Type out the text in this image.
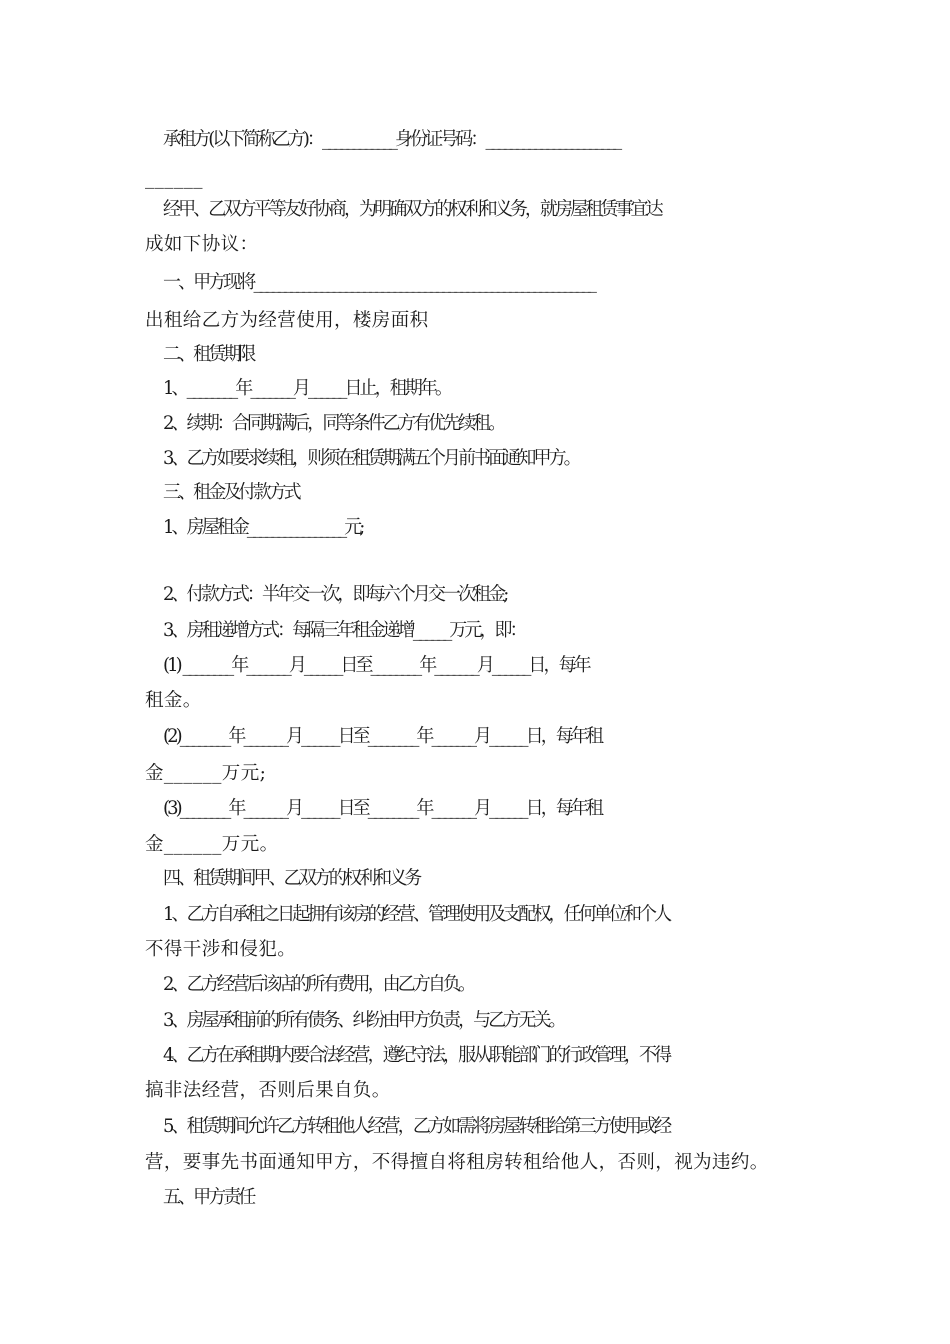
承租方(以下简称乙方)：____________身份证号码：______________________
______
经甲、乙双方平等友好协商，为明确双方的权利和义务，就房屋租赁事宜达
成如下协议：
一、甲方现将________________________________________________________
出租给乙方为经营使用，楼房面积
二、租赁期限
1、________年_______月______日止，租期年。
2、续期：合同期满后，同等条件乙方有优先续租。
3、乙方如要求续租，则须在租赁期满五个月前书面通知甲方。
三、租金及付款方式
1、房屋租金________________元;
2、付款方式：半年交一次，即每六个月交一次租金;
3、房租递增方式：每隔三年租金递增______万元，即：
(1) ________年_______月______日至________年_______月______日，每年
租金。
(2)________年_______月______日至________年_______月______日，每年租
金______万元;
(3)________年_______月______日至________年_______月______日，每年租
金______万元。
四、租赁期间甲、乙双方的权利和义务
1、乙方自承租之日起拥有该房的经营、管理使用及支配权，任何单位和个人
不得干涉和侵犯。
2、乙方经营后该店的所有费用，由乙方自负。
3、房屋承租前的所有债务、纠纷由甲方负责，与乙方无关。
4、乙方在承租期内要合法经营，遵纪守法，服从职能部门的行政管理，不得
搞非法经营，否则后果自负。
5、租赁期间允许乙方转租他人经营，乙方如需将房屋转租给第三方使用或经
营，要事先书面通知甲方，不得擅自将租房转租给他人，否则，视为违约。
五、甲方责任
